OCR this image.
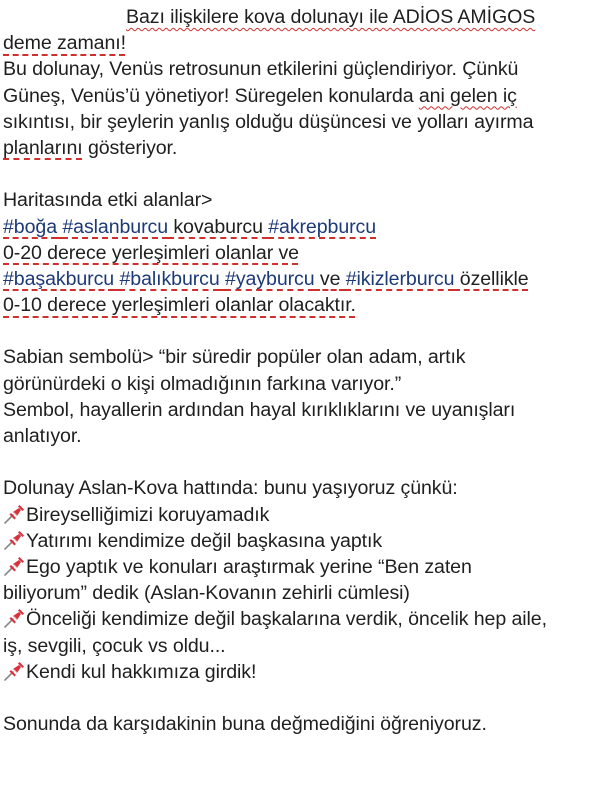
Bazı ilişkilere kova dolunayı ile ADİOS AMİGOS
deme zamanı!
Bu dolunay, Venüs retrosunun etkilerini güçlendiriyor. Çünkü
Güneş, Venüs’ü yönetiyor! Süregelen konularda ani gelen iç
sıkıntısı, bir şeylerin yanlış olduğu düşüncesi ve yolları ayırma
planlarını gösteriyor.
Haritasında etki alanlar>
#boğa #aslanburcu kovaburcu #akrepburcu
0-20 derece yerleşimleri olanlar ve
#başakburcu #balıkburcu #yayburcu ve #ikizlerburcu özellikle
0-10 derece yerleşimleri olanlar olacaktır.
Sabian sembolü> “bir süredir popüler olan adam, artık
görünürdeki o kişi olmadığının farkına varıyor.”
Sembol, hayallerin ardından hayal kırıklıklarını ve uyanışları
anlatıyor.
Dolunay Aslan-Kova hattında: bunu yaşıyoruz çünkü:
Bireyselliğimizi koruyamadık
Yatırımı kendimize değil başkasına yaptık
Ego yaptık ve konuları araştırmak yerine “Ben zaten
biliyorum” dedik (Aslan-Kovanın zehirli cümlesi)
Önceliği kendimize değil başkalarına verdik, öncelik hep aile,
iş, sevgili, çocuk vs oldu...
Kendi kul hakkımıza girdik!
Sonunda da karşıdakinin buna değmediğini öğreniyoruz.
